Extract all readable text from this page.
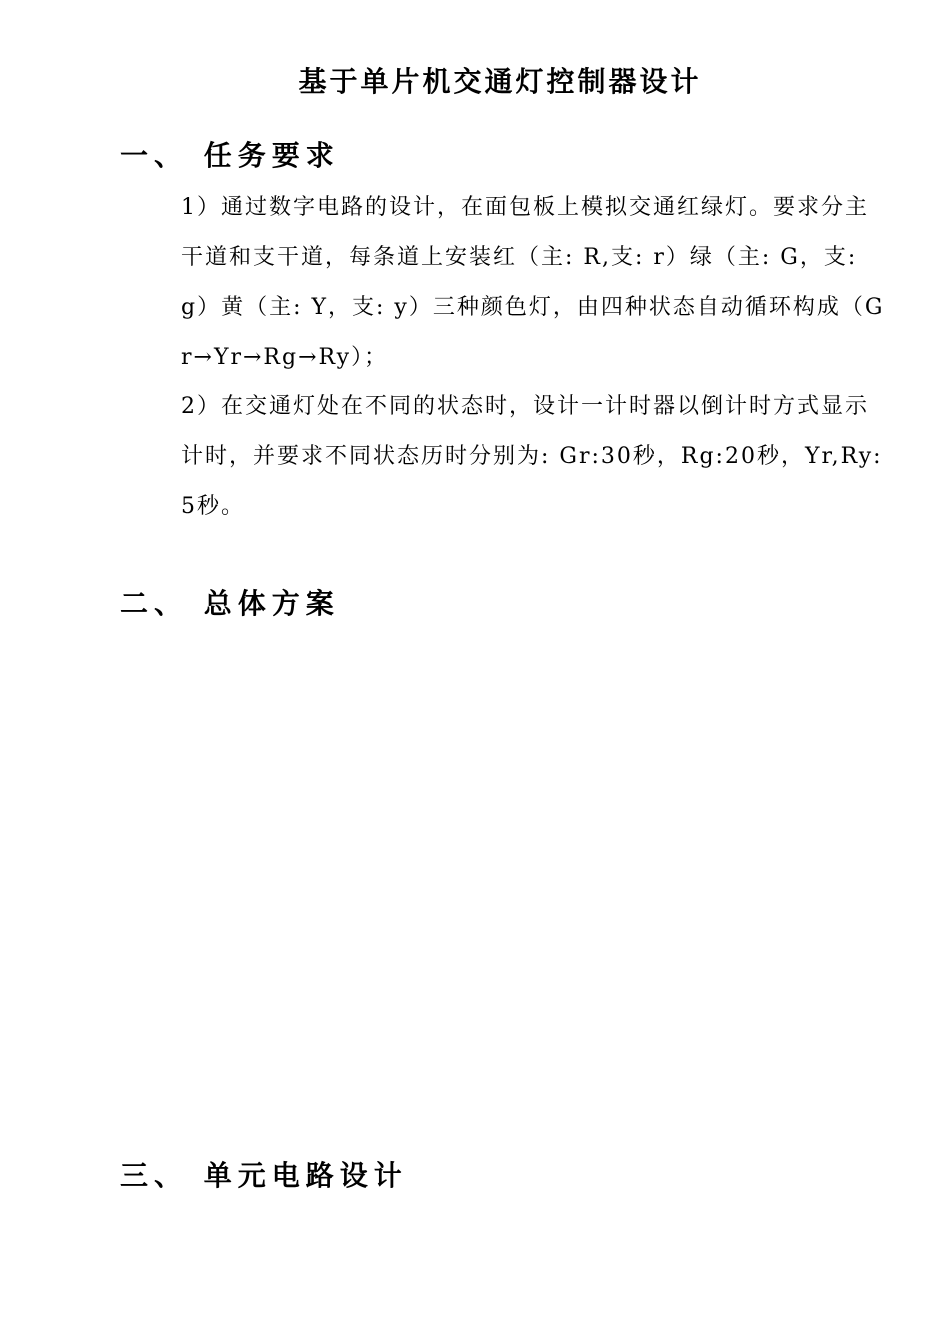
基于单片机交通灯控制器设计
一、 任务要求

1）通过数字电路的设计，在面包板上模拟交通红绿灯。要求分主干道和支干道，每条道上安装红（主: R,支: r）绿（主: G，支: g）黄（主: Y，支: y）三种颜色灯，由四种状态自动循环构成（Gr→Yr→Rg→Ry）；

2）在交通灯处在不同的状态时，设计一计时器以倒计时方式显示计时，并要求不同状态历时分别为: Gr:30秒，Rg:20秒，Yr,Ry:5秒。

二、 总体方案
三、 单元电路设计
